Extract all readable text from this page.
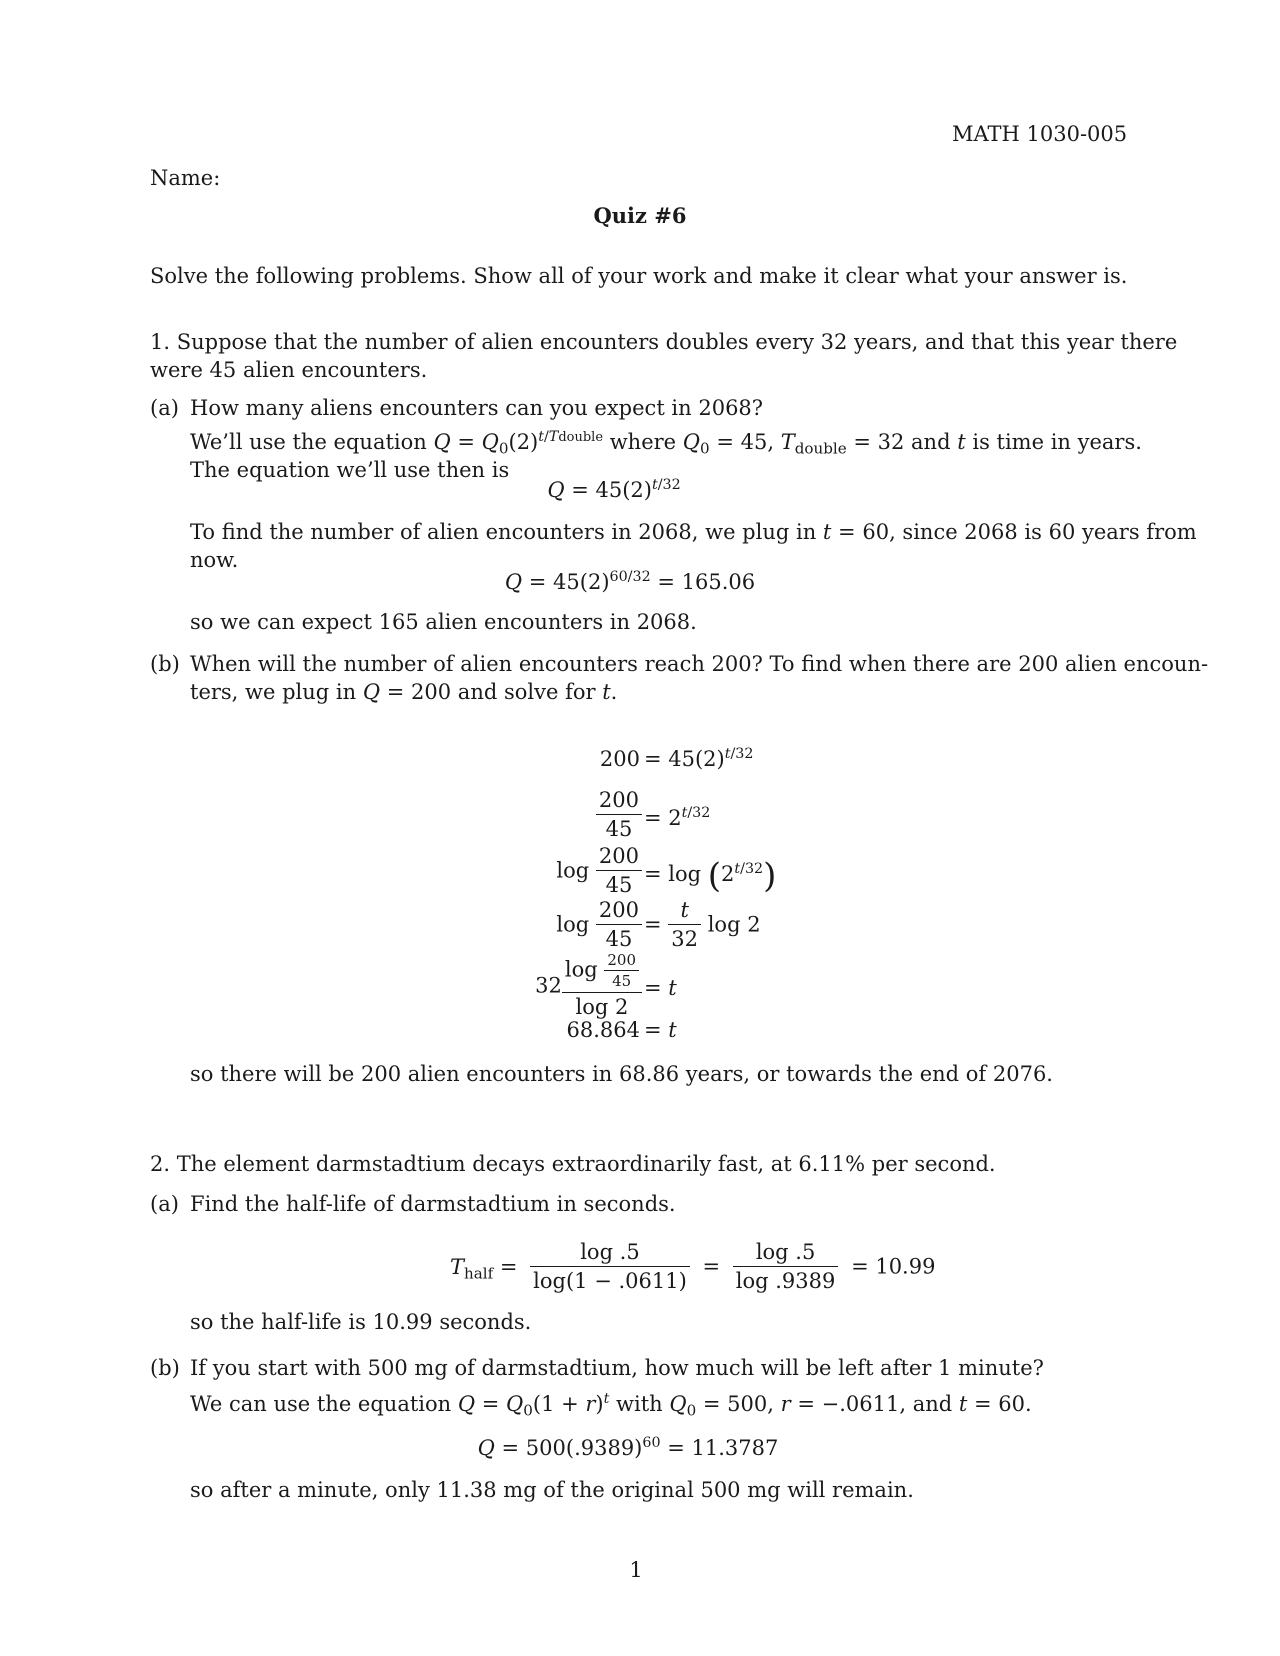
MATH 1030-005
Name:
Quiz #6
Solve the following problems. Show all of your work and make it clear what your answer is.
1. Suppose that the number of alien encounters doubles every 32 years, and that this year there
were 45 alien encounters.
(a) How many aliens encounters can you expect in 2068?
We’ll use the equation $Q = Q_0(2)^{t/Tdouble}$ where $Q_0 = 45$, $T_{double} = 32$ and t is time in years.
The equation we’ll use then is
$Q = 45(2)^{t/32}$
To find the number of alien encounters in 2068, we plug in t = 60, since 2068 is 60 years from
now.
$Q = 45(2)^{60/32} = 165.06$
so we can expect 165 alien encounters in 2068.
(b) When will the number of alien encounters reach 200? To find when there are 200 alien encoun-
ters, we plug in Q = 200 and solve for t.
$200 = 45(2)^{t/32}$
$\frac{200}{45} = 2^{t/32}$
$\log \frac{200}{45} = \log (2^{t/32})$
$\log \frac{200}{45} = \frac{t}{32}$ log 2
$32 \frac{\log \frac{200}{45}}{\log 2} = t$
68.864 = t
so there will be 200 alien encounters in 68.86 years, or towards the end of 2076.
2. The element darmstadtium decays extraordinarily fast, at 6.11% per second.
(a) Find the half-life of darmstadtium in seconds.
$T_{half} = \frac{\log .5}{\log(1 - .0611)} = \frac{\log .5}{\log .9389} = 10.99$
so the half-life is 10.99 seconds.
(b) If you start with 500 mg of darmstadtium, how much will be left after 1 minute?
We can use the equation $Q = Q_0(1 + r)^t$ with $Q_0 = 500$, r = −.0611, and t = 60.
$Q = 500(.9389)^{60} = 11.3787$
so after a minute, only 11.38 mg of the original 500 mg will remain.
1
